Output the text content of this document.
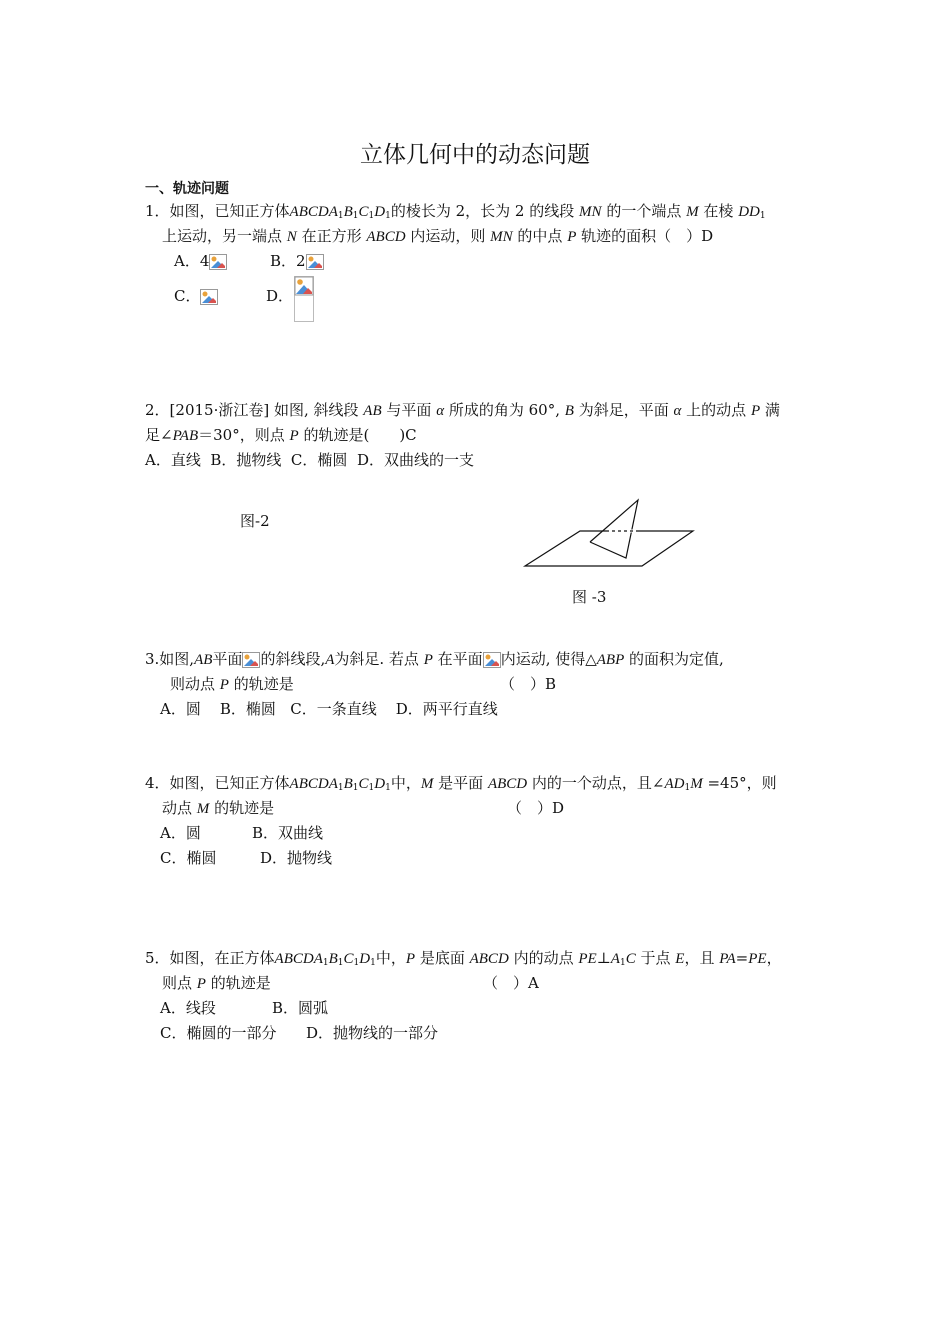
立体几何中的动态问题
一、轨迹问题
1．如图，已知正方体$ABCDA_1B_1C_1D_1$的棱长为 2，长为 2 的线段 MN 的一个端点 M 在棱 $DD_1$
上运动，另一端点 N 在正方形 ABCD 内运动，则 MN 的中点 P 轨迹的面积（　）D
A．4	B．2
C．	D．
2．[2015·浙江卷] 如图, 斜线段 AB 与平面 α 所成的角为 60°, B 为斜足，平面 α 上的动点 P 满
足∠PAB＝30°，则点 P 的轨迹是(　　)C
A．直线  B．抛物线  C．椭圆  D．双曲线的一支
图-2
图 -3
3.如图,AB平面 的斜线段,A为斜足. 若点 P 在平面 内运动, 使得△ABP 的面积为定值,
则动点 P 的轨迹是	（　）B
A．圆    B．椭圆   C．一条直线    D．两平行直线
4．如图，已知正方体$ABCDA_1B_1C_1D_1$中，M 是平面 ABCD 内的一个动点，且$\angle AD_1M =45^\circ$，则
动点 M 的轨迹是	（　）D
A．圆	B．双曲线
C．椭圆	D．抛物线
5．如图，在正方体$ABCDA_1B_1C_1D_1$中，P 是底面 ABCD 内的动点 $PE\perp A_1C$ 于点 E，且 PA=PE，
则点 P 的轨迹是	（　）A
A．线段	B．圆弧
C．椭圆的一部分 D．抛物线的一部分
